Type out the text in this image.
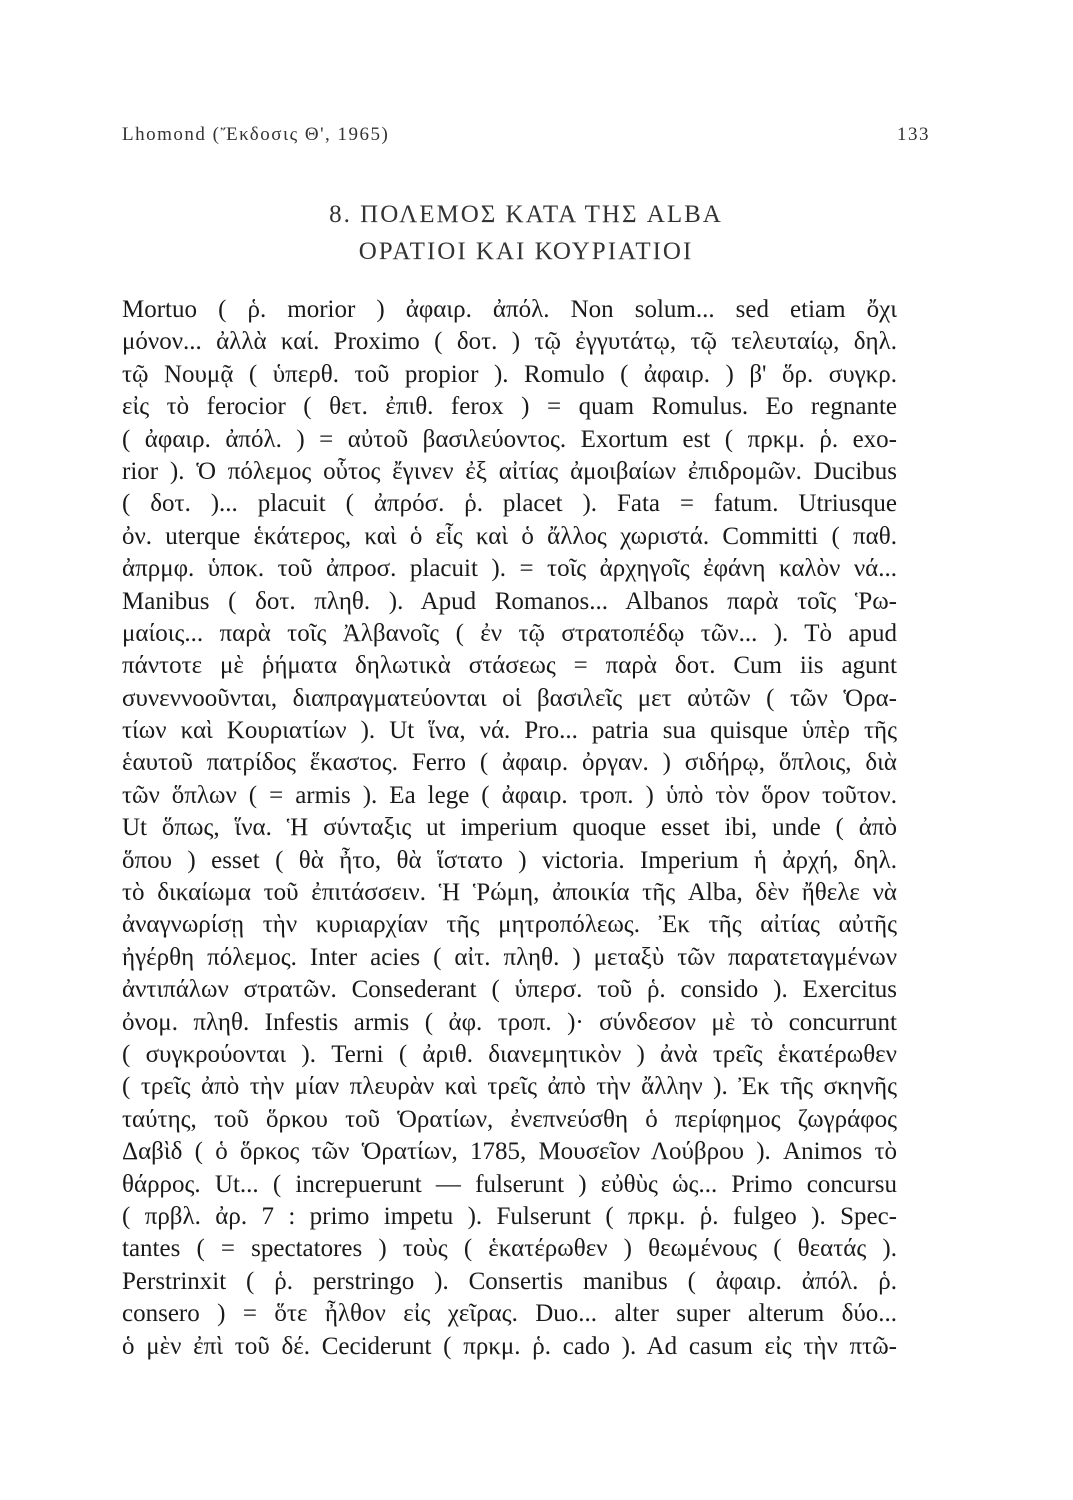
Lhomond (Ἔκδοσις Θ', 1965)	133
8. ΠΟΛΕΜΟΣ ΚΑΤΑ ΤΗΣ ALBA
ΟΡΑΤΙΟΙ ΚΑΙ ΚΟΥΡΙΑΤΙΟΙ
Mortuo ( ῥ. morior ) ἀφαιρ. ἀπόλ. Non solum... sed etiam ὄχι
μόνον... ἀλλὰ καί. Proximo ( δοτ. ) τῷ ἐγγυτάτῳ, τῷ τελευταίῳ, δηλ.
τῷ Νουμᾷ ( ὑπερθ. τοῦ propior ). Romulo ( ἀφαιρ. ) β' ὅρ. συγκρ.
εἰς τὸ ferocior ( θετ. ἐπιθ. ferox ) = quam Romulus. Eo regnante
( ἀφαιρ. ἀπόλ. ) = αὐτοῦ βασιλεύοντος. Exortum est ( πρκμ. ῥ. exo-
rior ). Ὁ πόλεμος οὗτος ἔγινεν ἐξ αἰτίας ἀμοιβαίων ἐπιδρομῶν. Ducibus
( δοτ. )... placuit ( ἀπρόσ. ῥ. placet ). Fata = fatum. Utriusque
ὀν. uterque ἑκάτερος, καὶ ὁ εἷς καὶ ὁ ἄλλος χωριστά. Committi ( παθ.
ἀπρμφ. ὑποκ. τοῦ ἀπροσ. placuit ). = τοῖς ἀρχηγοῖς ἐφάνη καλὸν νά...
Manibus ( δοτ. πληθ. ). Apud Romanos... Albanos παρὰ τοῖς Ῥω-
μαίοις... παρὰ τοῖς Ἀλβανοῖς ( ἐν τῷ στρατοπέδῳ τῶν... ). Τὸ apud
πάντοτε μὲ ῥήματα δηλωτικὰ στάσεως = παρὰ δοτ. Cum iis agunt
συνεννοοῦνται, διαπραγματεύονται οἱ βασιλεῖς μετ αὐτῶν ( τῶν Ὁρα-
τίων καὶ Κουριατίων ). Ut ἵνα, νά. Pro... patria sua quisque ὑπὲρ τῆς
ἑαυτοῦ πατρίδος ἕκαστος. Ferro ( ἀφαιρ. ὀργαν. ) σιδήρῳ, ὅπλοις, διὰ
τῶν ὅπλων ( = armis ). Ea lege ( ἀφαιρ. τροπ. ) ὑπὸ τὸν ὅρον τοῦτον.
Ut ὅπως, ἵνα. Ἡ σύνταξις ut imperium quoque esset ibi, unde ( ἀπὸ
ὅπου ) esset ( θὰ ἦτο, θὰ ἵστατο ) victoria. Imperium ἡ ἀρχή, δηλ.
τὸ δικαίωμα τοῦ ἐπιτάσσειν. Ἡ Ῥώμη, ἀποικία τῆς Alba, δὲν ἤθελε νὰ
ἀναγνωρίσῃ τὴν κυριαρχίαν τῆς μητροπόλεως. Ἐκ τῆς αἰτίας αὐτῆς
ἠγέρθη πόλεμος. Inter acies ( αἰτ. πληθ. ) μεταξὺ τῶν παρατεταγμένων
ἀντιπάλων στρατῶν. Consederant ( ὑπερσ. τοῦ ῥ. consido ). Exercitus
ὀνομ. πληθ. Infestis armis ( ἀφ. τροπ. )· σύνδεσον μὲ τὸ concurrunt
( συγκρούονται ). Terni ( ἀριθ. διανεμητικὸν ) ἀνὰ τρεῖς ἑκατέρωθεν
( τρεῖς ἀπὸ τὴν μίαν πλευρὰν καὶ τρεῖς ἀπὸ τὴν ἄλλην ). Ἐκ τῆς σκηνῆς
ταύτης, τοῦ ὅρκου τοῦ Ὁρατίων, ἐνεπνεύσθη ὁ περίφημος ζωγράφος
Δαβὶδ ( ὁ ὅρκος τῶν Ὁρατίων, 1785, Μουσεῖον Λούβρου ). Animos τὸ
θάρρος. Ut... ( increpuerunt — fulserunt ) εὐθὺς ὡς... Primo concursu
( πρβλ. ἀρ. 7 : primo impetu ). Fulserunt ( πρκμ. ῥ. fulgeo ). Spec-
tantes ( = spectatores ) τοὺς ( ἑκατέρωθεν ) θεωμένους ( θεατάς ).
Perstrinxit ( ῥ. perstringo ). Consertis manibus ( ἀφαιρ. ἀπόλ. ῥ.
consero ) = ὅτε ἦλθον εἰς χεῖρας. Duo... alter super alterum δύο...
ὁ μὲν ἐπὶ τοῦ δέ. Ceciderunt ( πρκμ. ῥ. cado ). Ad casum εἰς τὴν πτῶ-
